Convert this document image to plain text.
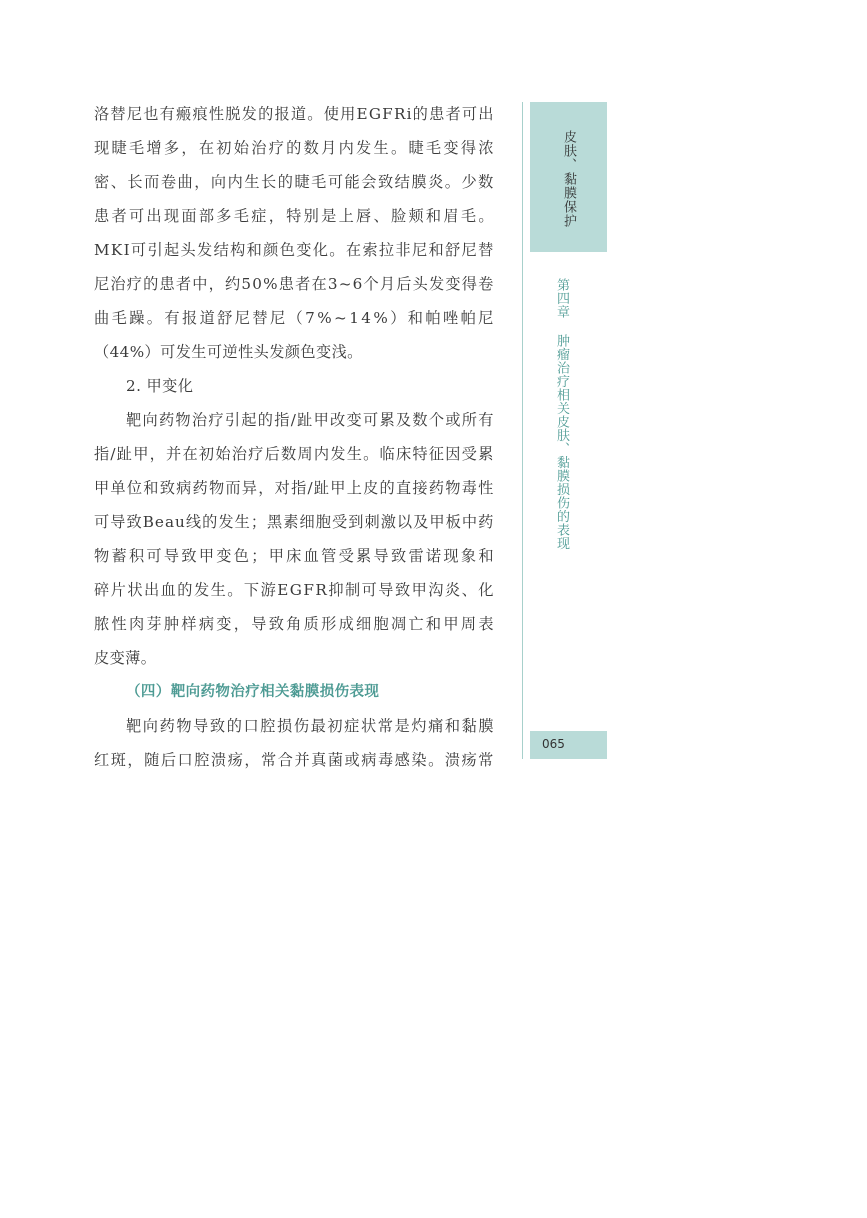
洛 替 尼 也 有 瘢 痕 性 脱 发 的 报 道 。 使 用 E G F R i 的 患 者 可 出
现 睫 毛 增 多 ， 在 初 始 治 疗 的 数 月 内 发 生 。 睫 毛 变 得 浓
密 、 长 而 卷 曲 ， 向 内 生 长 的 睫 毛 可 能 会 致 结 膜 炎 。 少 数
患 者 可 出 现 面 部 多 毛 症 ， 特 别 是 上 唇 、 脸 颊 和 眉 毛 。
M K I 可 引 起 头 发 结 构 和 颜 色 变 化 。 在 索 拉 非 尼 和 舒 尼 替
尼 治 疗 的 患 者 中 ， 约 5 0 % 患 者 在 3 ~ 6 个 月 后 头 发 变 得 卷
曲 毛 躁 。 有 报 道 舒 尼 替 尼 （ 7 % ~ 1 4 % ） 和 帕 唑 帕 尼
（44%）可发生可逆性头发颜色变浅。
2. 甲变化
靶 向 药 物 治 疗 引 起 的 指 / 趾 甲 改 变 可 累 及 数 个 或 所 有
指 / 趾 甲 ， 并 在 初 始 治 疗 后 数 周 内 发 生 。 临 床 特 征 因 受 累
甲 单 位 和 致 病 药 物 而 异 ， 对 指 / 趾 甲 上 皮 的 直 接 药 物 毒 性
可 导 致 B e a u 线 的 发 生 ； 黑 素 细 胞 受 到 刺 激 以 及 甲 板 中 药
物 蓄 积 可 导 致 甲 变 色 ； 甲 床 血 管 受 累 导 致 雷 诺 现 象 和
碎 片 状 出 血 的 发 生 。 下 游 E G F R 抑 制 可 导 致 甲 沟 炎 、 化
脓 性 肉 芽 肿 样 病 变 ， 导 致 角 质 形 成 细 胞 凋 亡 和 甲 周 表
皮变薄。
（四）靶向药物治疗相关黏膜损伤表现
靶 向 药 物 导 致 的 口 腔 损 伤 最 初 症 状 常 是 灼 痛 和 黏 膜
红 斑 ， 随 后 口 腔 溃 疡 ， 常 合 并 真 菌 或 病 毒 感 染 。 溃 疡 常
皮肤、黏膜保护
第四章 肿瘤治疗相关皮肤、黏膜损伤的表现
065
